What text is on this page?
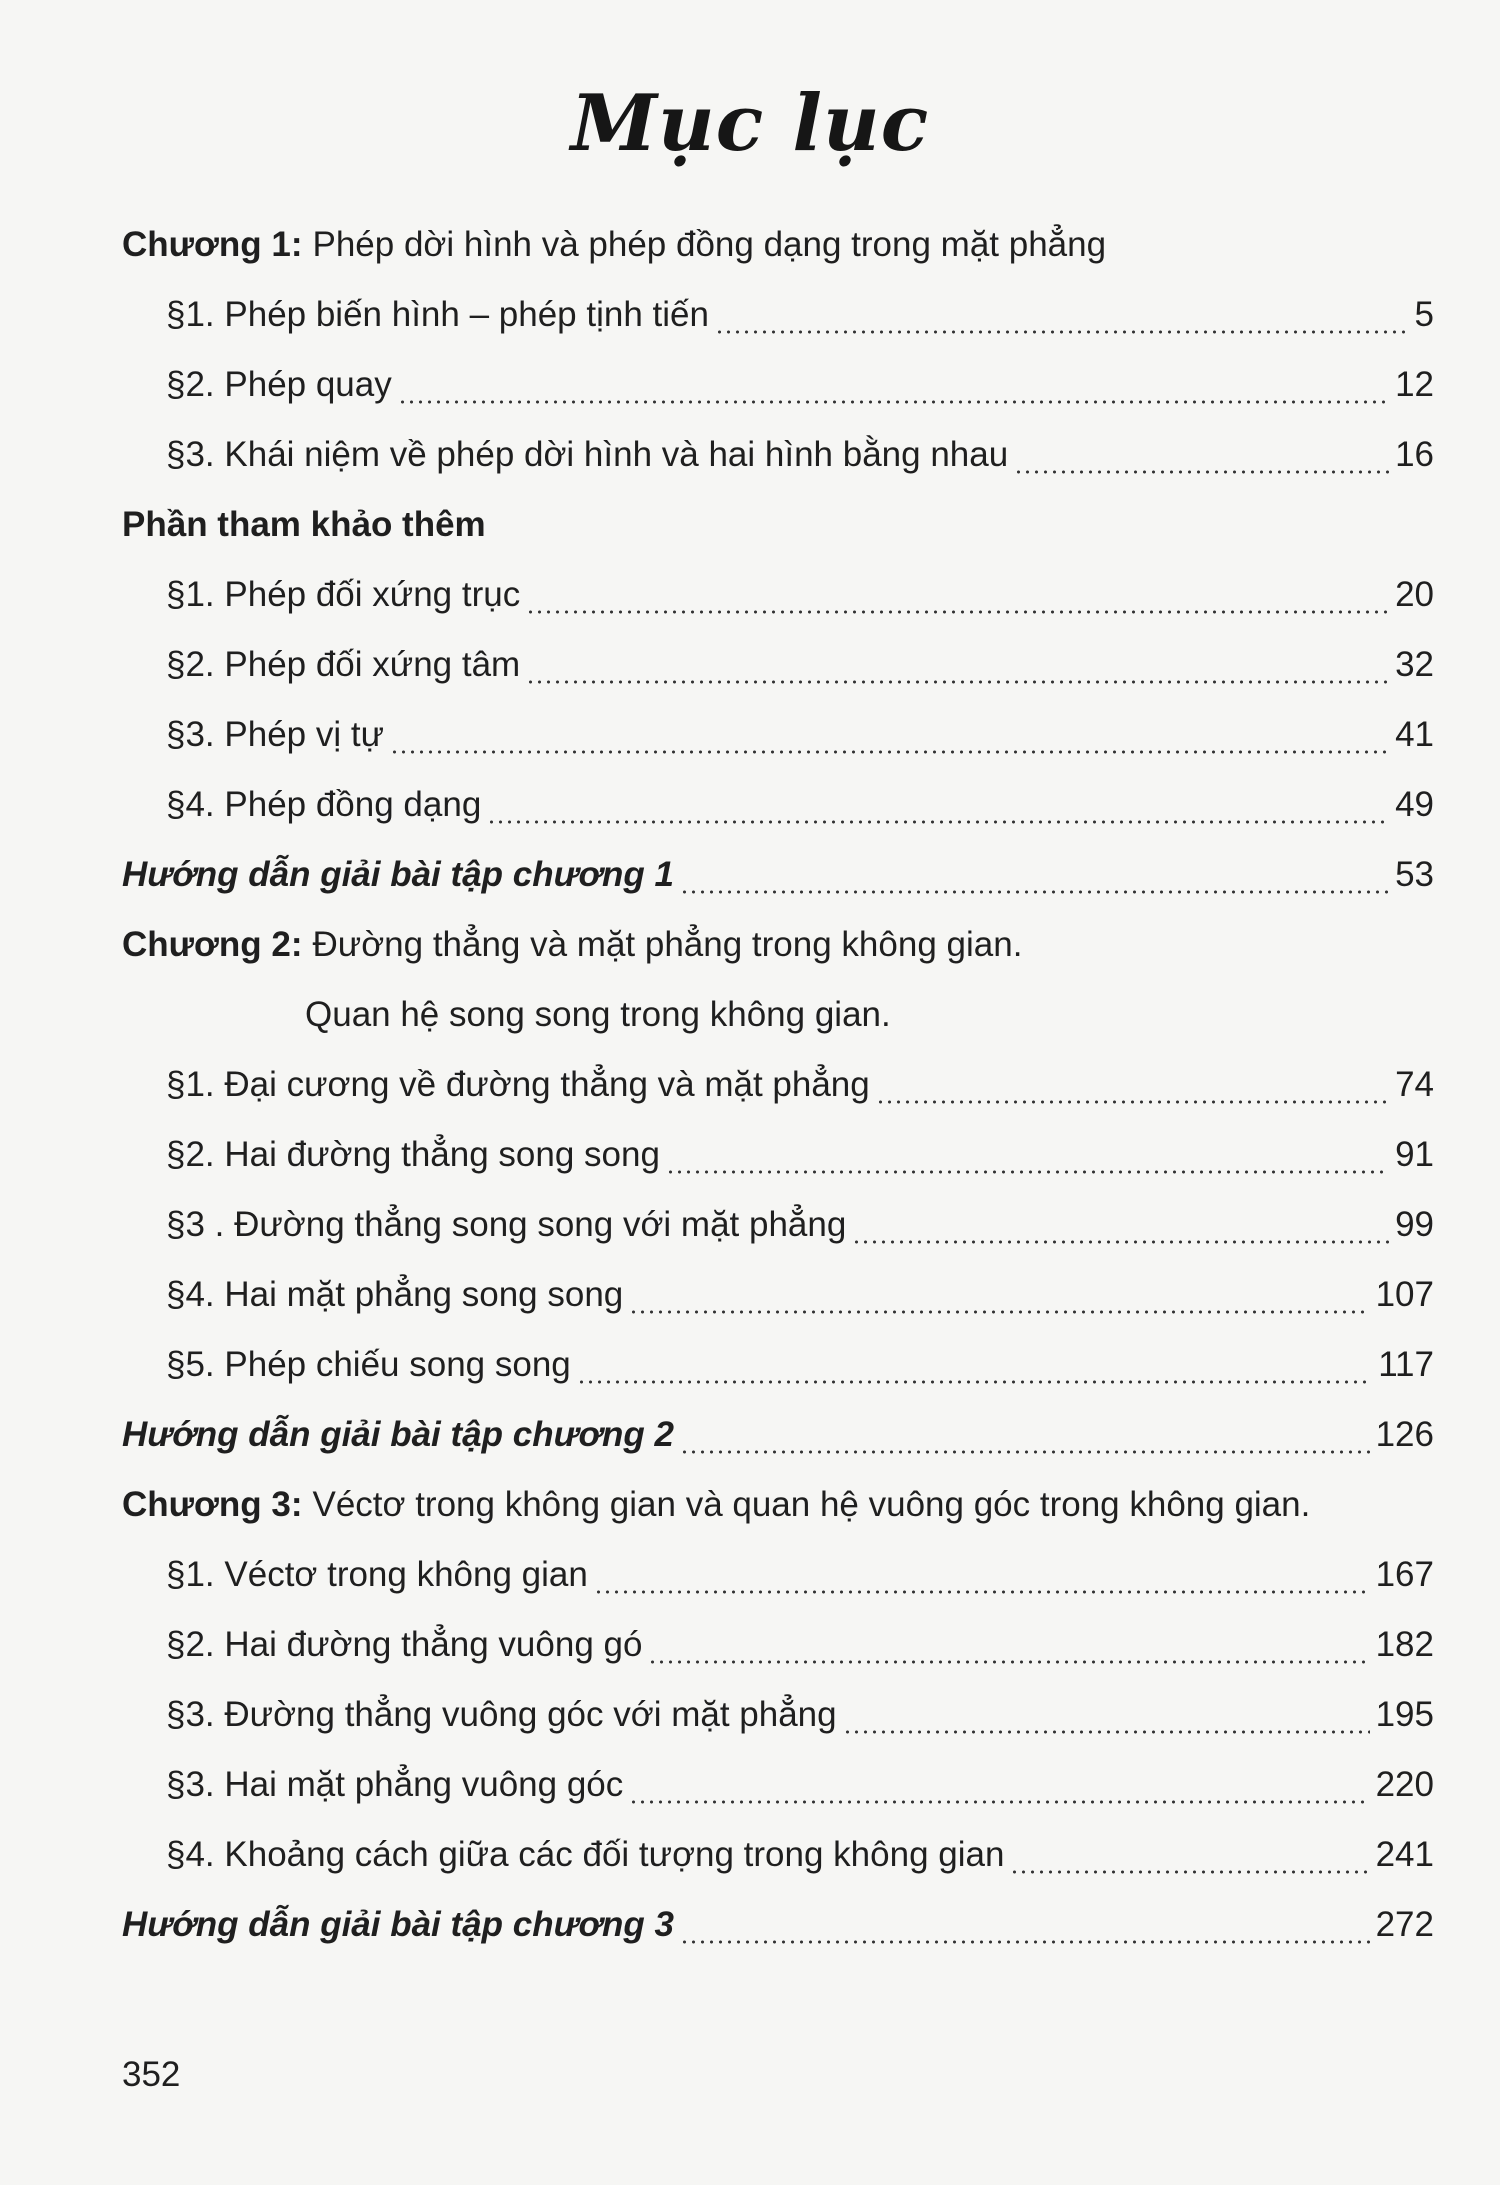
Mục lục
Chương 1: Phép dời hình và phép đồng dạng trong mặt phẳng
§1. Phép biến hình – phép tịnh tiến	5
§2. Phép quay	12
§3. Khái niệm về phép dời hình và hai hình bằng nhau	16
Phần tham khảo thêm
§1. Phép đối xứng trục	20
§2. Phép đối xứng tâm	32
§3. Phép vị tự	41
§4. Phép đồng dạng	49
Hướng dẫn giải bài tập chương 1	53
Chương 2: Đường thẳng và mặt phẳng trong không gian.
Quan hệ song song trong không gian.
§1. Đại cương về đường thẳng và mặt phẳng	74
§2. Hai đường thẳng song song	91
§3 . Đường thẳng song song với mặt phẳng	99
§4. Hai mặt phẳng song song	107
§5. Phép chiếu song song	117
Hướng dẫn giải bài tập chương 2	126
Chương 3: Véctơ trong không gian và quan hệ vuông góc trong không gian.
§1. Véctơ trong không gian	167
§2. Hai đường thẳng vuông gó	182
§3. Đường thẳng vuông góc với mặt phẳng	195
§3. Hai mặt phẳng vuông góc	220
§4. Khoảng cách giữa các đối tượng trong không gian	241
Hướng dẫn giải bài tập chương 3	272
352
